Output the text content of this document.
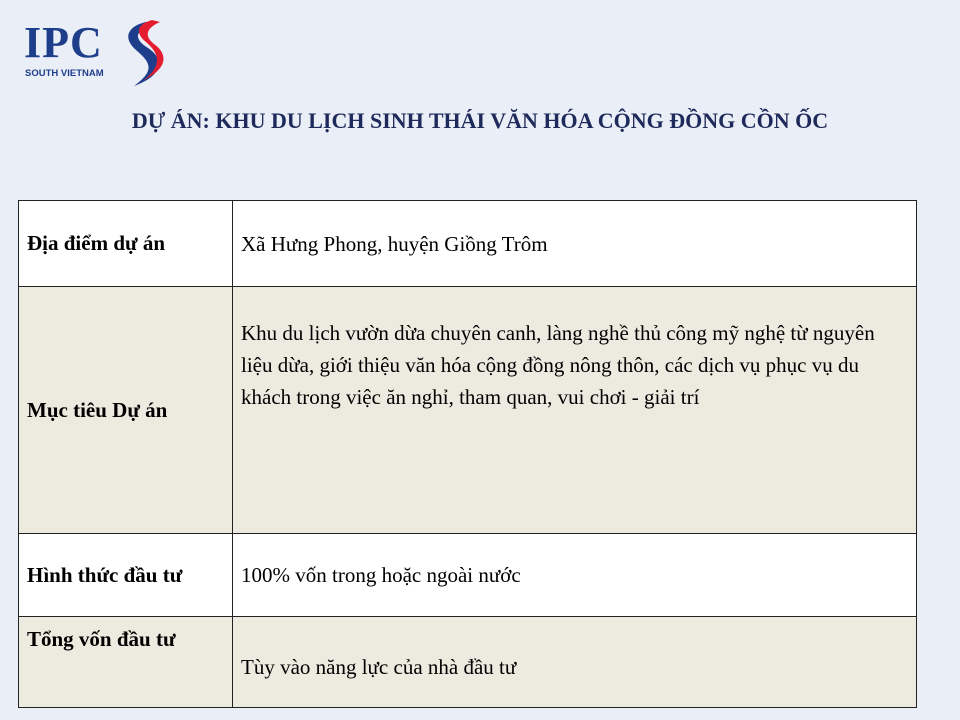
IPC
SOUTH VIETNAM
DỰ ÁN: KHU DU LỊCH SINH THÁI VĂN HÓA CỘNG ĐỒNG CỒN ỐC
Địa điểm dự án	Xã Hưng Phong, huyện Giồng Trôm
Mục tiêu Dự án	Khu du lịch vườn dừa chuyên canh, làng nghề thủ công mỹ nghệ từ nguyên liệu dừa, giới thiệu văn hóa cộng đồng nông thôn, các dịch vụ phục vụ du khách trong việc ăn nghỉ, tham quan, vui chơi - giải trí
Hình thức đầu tư	100% vốn trong hoặc ngoài nước
Tổng vốn đầu tư	Tùy vào năng lực của nhà đầu tư
